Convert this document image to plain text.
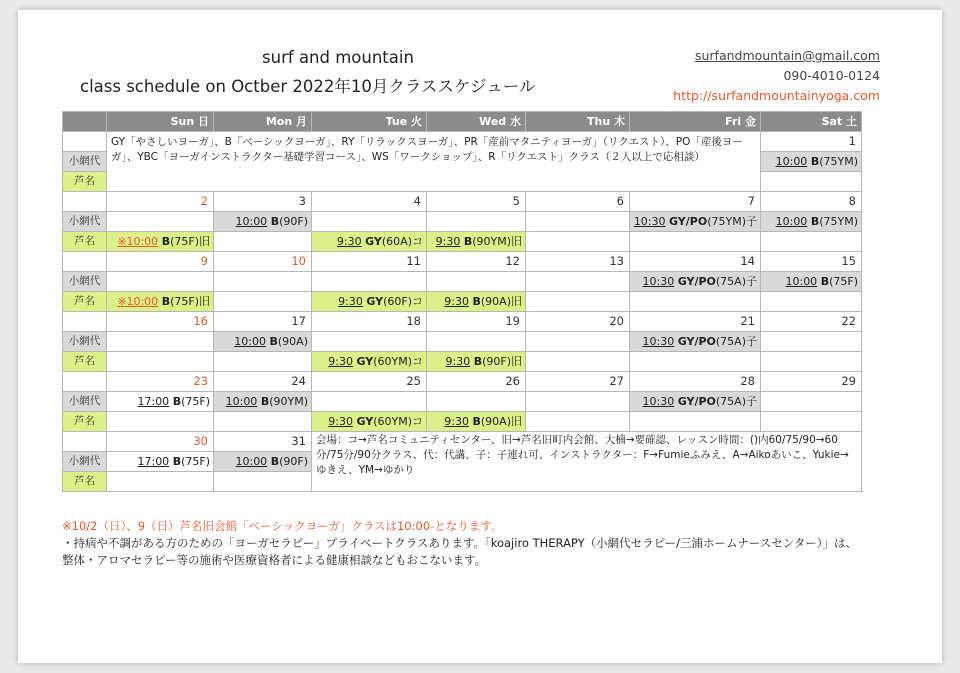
surf and mountain
class schedule on Octber 2022年10月クラススケジュール
surfandmountain@gmail.com
090-4010-0124
http://surfandmountainyoga.com
	Sun 日	Mon 月	Tue 火	Wed 水	Thu 木	Fri 金	Sat 土
	GY「やさしいヨーガ」、B「ベーシックヨーガ」、RY「リラックスヨーガ」、PR「産前マタニティヨーガ」（リクエスト）、PO「産後ヨーガ」、YBC「ヨーガインストラクター基礎学習コース」、WS「ワークショップ」、R「リクエスト」クラス（２人以上で応相談）						1
小網代							10:00 B(75YM)
芦名							
	2	3	4	5	6	7	8
小網代		10:00 B(90F)				10:30 GY/PO(75YM)子	10:00 B(75YM)
芦名	※10:00 B(75F)旧		9:30 GY(60A)コ	9:30 B(90YM)旧			
	9	10	11	12	13	14	15
小網代						10:30 GY/PO(75A)子	10:00 B(75F)
芦名	※10:00 B(75F)旧		9:30 GY(60F)コ	9:30 B(90A)旧			
	16	17	18	19	20	21	22
小網代		10:00 B(90A)				10:30 GY/PO(75A)子	
芦名			9:30 GY(60YM)コ	9:30 B(90F)旧			
	23	24	25	26	27	28	29
小網代	17:00 B(75F)	10:00 B(90YM)				10:30 GY/PO(75A)子	
芦名			9:30 GY(60YM)コ	9:30 B(90A)旧			
	30	31	会場：コ→芦名コミュニティセンター、旧→芦名旧町内会館、大楠→要確認、レッスン時間：()内60/75/90→60分/75分/90分クラス、代：代講、子：子連れ可、インストラクター：F→Fumieふみえ、A→Aikoあいこ、Yukie→ゆきえ、YM→ゆかり				
小網代	17:00 B(75F)	10:00 B(90F)					
芦名							
※10/2（日）、9（日）芦名旧会館「ベーシックヨーガ」クラスは10:00-となります。
・持病や不調がある方のための「ヨーガセラピー」プライベートクラスあります。「koajiro THERAPY（小網代セラピー/三浦ホームナースセンター）」は、整体・アロマセラピー等の施術や医療資格者による健康相談などもおこないます。
